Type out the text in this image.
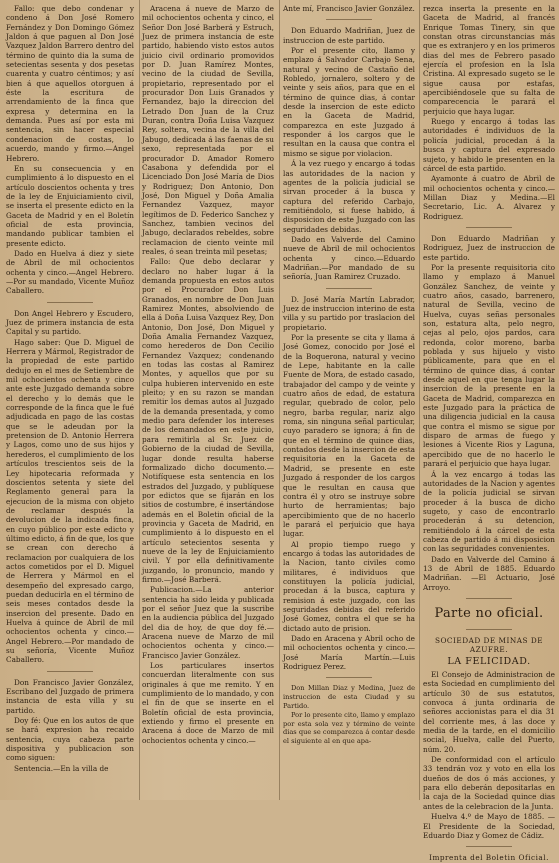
Fallo: que debo condenar y condeno á Don José Romero Fernández y Don Domingo Gómez Jaldon á que paguen al Don José Vazquez Jaldon Barrero dentro del término de quinto dia la suma de setecientas sesenta y dos pesetas cuarenta y cuatro céntimos; y así bien á que aquellos otorguen á éste la escritura de arrendamiento de la finca que expresa y determina en la demanda. Pues así por esta mi sentencia, sin hacer especial condenacion de costas, lo acuerdo, mando y firmo.—Angel Hebrero.

En su consecuencia y en cumplimiento á lo dispuesto en el artículo doscientos ochenta y tres de la ley de Enjuiciamiento civil, se inserta el presente edicto en la Gaceta de Madrid y en el Boletín oficial de esta provincia, mandando publicar tambien el presente edicto.

Dado en Huelva á diez y siete de Abril de mil ochocientos ochenta y cinco.—Angel Hebrero.—Por su mandado, Vicente Muñoz Caballero.

Don Angel Hebrero y Escudero, Juez de primera instancia de esta Capital y su partido.

Hago saber: Que D. Miguel de Herrera y Mármol, Registrador de la propiedad de este partido dedujo en el mes de Setiembre de mil ochocientos ochenta y cinco ante este Juzgado demanda sobre el derecho y lo demás que le corresponde de la finca que le fué adjudicada en pago de las costas que se le adeudan por la pretension de D. Antonio Herrera y Lagos, como uno de sus hijos y herederos, el cumplimiento de los artículos trescientos seis de la Ley hipotecaria reformada y doscientos setenta y siete del Reglamento general para la ejecucion de la misma con objeto de reclamar después la devolucion de la indicada finca, en cuyo público por este edicto y último edicto, á fin de que, los que se crean con derecho á reclamacion por cualquiera de los actos cometidos por el D. Miguel de Herrera y Mármol en el desempeño del expresado cargo, puedan deducirla en el término de seis meses contados desde la insercion del presente. Dado en Huelva á quince de Abril de mil ochocientos ochenta y cinco.—Angel Hebrero.—Por mandado de su señoría, Vicente Muñoz Caballero.

Don Francisco Javier González, Escribano del Juzgado de primera instancia de esta villa y su partido.

Doy fé: Que en los autos de que se hará expresion ha recaido sentencia, cuya cabeza parte dispositiva y publicacion son como siguen:

Sentencia.—En la villa de

Aracena á nueve de Marzo de mil ochocientos ochenta y cinco, el Señor Don José Barberá y Estruch, Juez de primera instancia de este partido, habiendo visto estos autos juicio civil ordinario promovidos por D. Juan Ramírez Montes, vecino de la ciudad de Sevilla, propietario, representado por el procurador Don Luis Granados y Fernandez, bajo la direccion del Letrado Don Juan de la Cruz Duran, contra Doña Luisa Vazquez Rey, soltera, vecina de la villa del Jabugo, dedicada á las faenas de su sexo, representada por el procurador D. Amador Romero Casabona y defendida por el Licenciado Don José María de Dios y Rodriguez; Don Antonio, Don José, Don Miguel y Doña Amalia Fernandez Vazquez, mayor legítimos de D. Federico Sanchez y Sanchez, tambien vecinos del Jabugo, declarados rebeldes, sobre reclamacion de ciento veinte mil reales, ó sean treinta mil pesetas;

Fallo: Que debo declarar y declaro no haber lugar á la demanda propuesta en estos autos por el Procurador Don Luis Granados, en nombre de Don Juan Ramirez Montes, absolviendo de ella á Doña Luisa Vazquez Rey, Don Antonio, Don José, Don Miguel y Doña Amalia Fernandez Vazquez, como herederos de Don Cecilio Fernandez Vazquez; condenando en todas las costas al Ramirez Montes, y aquellos que por su culpa hubieren intervenido en este pleito; y en su razon se mandan remitir los demas autos al Juzgado de la demanda presentada, y como medio para defender los intereses de los demandados en este juicio, para remitirla al Sr. Juez de Gobierno de la ciudad de Sevilla, lugar donde resulta haberse formalizado dicho documento.—Notifíquese esta sentencia en los estrados del Juzgado, y publíquese por edictos que se fijarán en los sitios de costumbre, é insertándose además en el Boletin oficial de la provincia y Gaceta de Madrid, en cumplimiento á lo dispuesto en el artículo setecientos sesenta y nueve de la ley de Enjuiciamiento civil. Y por ella definitivamente juzgando, lo pronuncio, mando y firmo.—José Barberá.

Publicacion.—La anterior sentencia ha sido leida y publicada por el señor Juez que la suscribe en la audiencia pública del Juzgado del dia de hoy, de que doy fé.—Aracena nueve de Marzo de mil ochocientos ochenta y cinco.—Francisco Javier González.

Los particulares insertos concuerdan literalmente con sus originales á que me remito. Y en cumplimiento de lo mandado, y con el fin de que se inserte en el Boletín oficial de esta provincia, extiendo y firmo el presente en Aracena á doce de Marzo de mil ochocientos ochenta y cinco.—

Ante mí, Francisco Javier González.

Don Eduardo Madriñan, Juez de instruccion de este partido.

Por el presente cito, llamo y emplazo á Salvador Carbajo Sena, natural y vecino de Castaño del Robledo, jornalero, soltero y de veinte y seis años, para que en el término de quince dias, á contar desde la insercion de este edicto en la Gaceta de Madrid, comparezca en este Juzgado á responder á los cargos que le resultan en la causa que contra el mismo se sigue por violacion.

Á la vez ruego y encargo á todas las autoridades de la nacion y agentes de la policía judicial se sirvan proceder á la busca y captura del referido Carbajo, remitiéndolo, si fuese habido, á disposicion de este Juzgado con las seguridades debidas.

Dado en Valverde del Camino nueve de Abril de mil ochocientos ochenta y cinco.—Eduardo Madriñan.—Por mandado de su señoría, Juan Ramirez Cruzado.

D. José María Martín Labrador, Juez de instruccion interino de esta villa y su partido por traslacion del propietario.

Por la presente se cita y llama á José Gomez, conocido por José el de la Boquerona, natural y vecino de Lepe, habitante en la calle Fuente de Mora, de estado casado, trabajador del campo y de veinte y cuatro años de edad, de estatura regular, quebrado de color, pelo negro, barba regular, nariz algo roma, sin ninguna señal particular, cuyo paradero se ignora; á fin de que en el término de quince dias, contados desde la insercion de esta requisitoria en la Gaceta de Madrid, se presente en este Juzgado á responder de los cargos que le resultan en causa que contra él y otro se instruye sobre hurto de herramientas; bajo apercibimiento que de no hacerlo le parará el perjuicio que haya lugar.

Al propio tiempo ruego y encargo á todas las autoridades de la Nacion, tanto civiles como militares, é individuos que constituyen la policía judicial, procedan á la busca, captura y remision á este juzgado, con las seguridades debidas del referido José Gomez, contra el que se ha dictado auto de prision.

Dado en Aracena y Abril ocho de mil ochocientos ochenta y cinco.—José María Martín.—Luis Rodriguez Perez.

Don Millan Diaz y Medina, Juez de instruccion de esta Ciudad y su Partido.

Por lo presente cito, llamo y emplazo por esta sola vez y término de veinte dias que se comparezca á contar desde el siguiente al en que apa-

rezca inserta la presente en la Gaceta de Madrid, al francés Enrique Tomas Tinery, sin que constan otras circunstancias más que es extranjero y en los primeros dias del mes de Febrero pasado ejercía el profesion en la Isla Cristina. Al expresado sugeto se le sigue causa por estafas, apercibiéndosele que su falta de comparecencia le parará el perjuicio que haya lugar.

Ruego y encargo á todas las autoridades é individuos de la policía judicial, procedan á la busca y captura del expresado sujeto, y habido le presenten en la cárcel de esta partido.

Ayamonte á cuatro de Abril de mil ochocientos ochenta y cinco.—Millan Diaz y Medina.—El Secretario, Lic. A. Alvarez y Rodriguez.

Don Eduardo Madriñan y Rodriguez, Juez de instruccion de este partido.

Por la presente requisitoria cito llamo y emplazo á Manuel González Sanchez, de veinte y cuatro años, casado, barrenero, natural de Sevilla, vecino de Huelva, cuyas señas personales son, estatura alta, pelo negro, cejas al pelo, ojos pardos, cara redonda, color moreno, barba poblada y sus hijuelo y visto públicamente, para que en el término de quince dias, á contar desde aquel en que tenga lugar la insercion de la presente en la Gaceta de Madrid, comparezca en este Juzgado para la práctica de una diligencia judicial en la causa que contra el mismo se sigue por disparo de armas de fuego y lesiones á Vicente Rios y Laguna, apercibido que de no hacerlo le parará el perjuicio que haya lugar.

Á la vez encargo á todas las autoridades de la Nacion y agentes de la policía judicial se sirvan proceder á la busca de dicho sugeto, y caso de encontrarlo procederán á su detencion, remitiéndolo á la cárcel de esta cabeza de partido á mi disposicion con las seguridades convenientes.

Dado en Valverde del Camino á 13 de Abril de 1885. Eduardo Madriñan. —El Actuario, José Arroyo.

Parte no oficial.
SOCIEDAD DE MINAS DE AZUFRE.
LA FELICIDAD.

El Consejo de Administracion de esta Sociedad en cumplimiento del artículo 30 de sus estatutos, convoca á junta ordinaria de señores accionistas para el dia 31 del corriente mes, á las doce y media de la tarde, en el domicilio social, Huelva, calle del Puerto, núm. 20.

De conformidad con el artículo 33 tendrán voz y voto en ella los dueños de dos ó más acciones, y para ello deberán depositarlas en la caja de la Sociedad quince dias antes de la celebracion de la Junta.

Huelva 4.º de Mayo de 1885. —El Presidente de la Sociedad, Eduardo Diaz y Gomez de Cádiz.

Imprenta del Boletin Oficial.
